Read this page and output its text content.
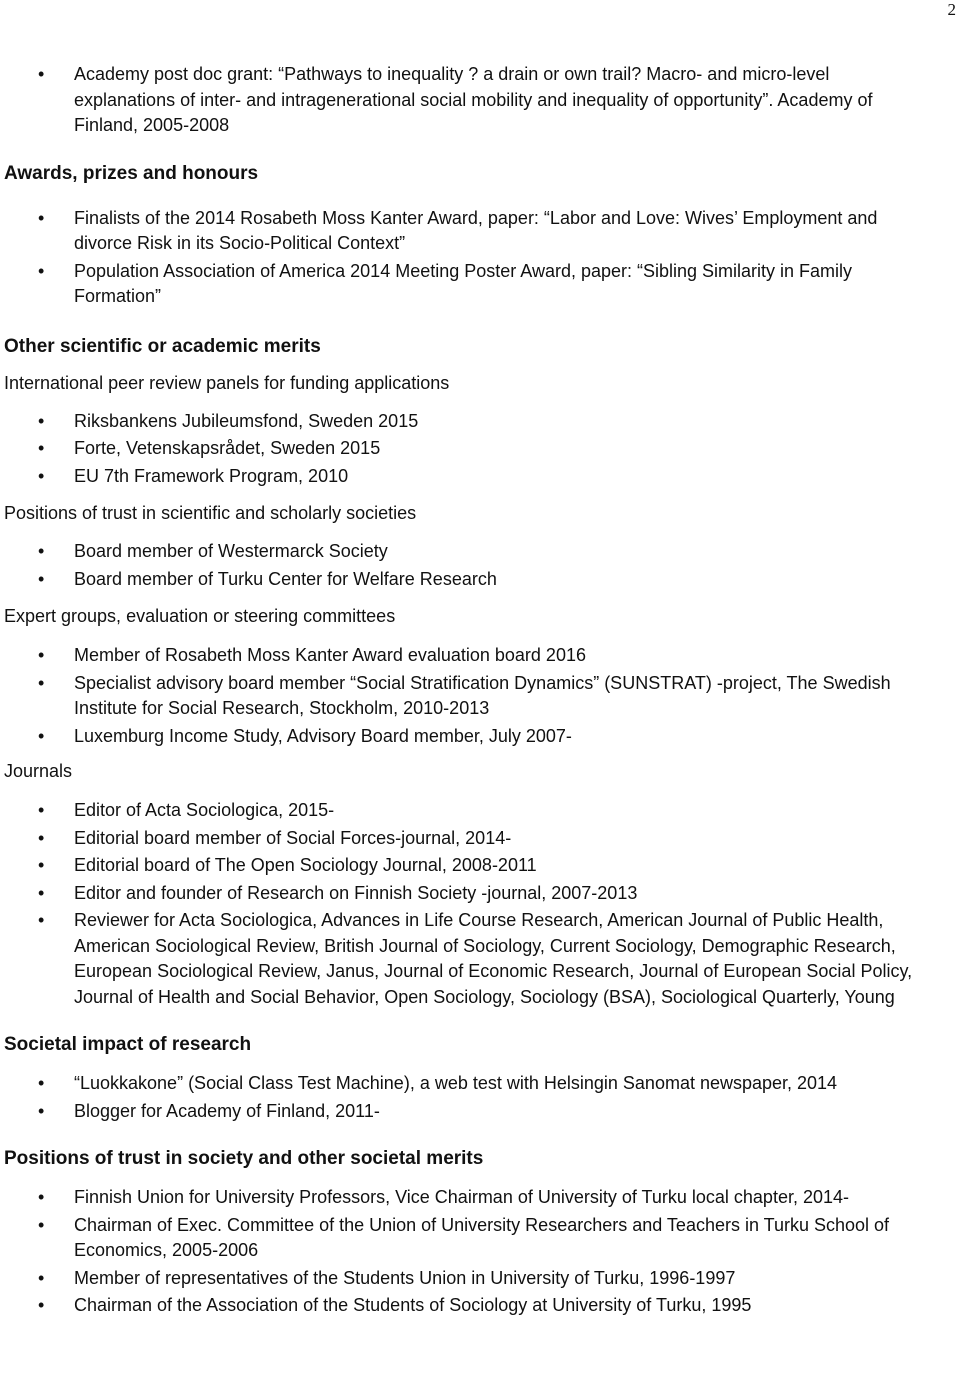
2
• Academy post doc grant: “Pathways to inequality ? a drain or own trail? Macro- and micro-level explanations of inter- and intragenerational social mobility and inequality of opportunity”. Academy of Finland, 2005-2008
Awards, prizes and honours
• Finalists of the 2014 Rosabeth Moss Kanter Award, paper: “Labor and Love: Wives’ Employment and divorce Risk in its Socio-Political Context”
• Population Association of America 2014 Meeting Poster Award, paper: “Sibling Similarity in Family Formation”
Other scientific or academic merits
International peer review panels for funding applications
• Riksbankens Jubileumsfond, Sweden 2015
• Forte, Vetenskapsrådet, Sweden 2015
• EU 7th Framework Program, 2010
Positions of trust in scientific and scholarly societies
• Board member of Westermarck Society
• Board member of Turku Center for Welfare Research
Expert groups, evaluation or steering committees
• Member of Rosabeth Moss Kanter Award evaluation board 2016
• Specialist advisory board member “Social Stratification Dynamics” (SUNSTRAT) -project, The Swedish Institute for Social Research, Stockholm, 2010-2013
• Luxemburg Income Study, Advisory Board member, July 2007-
Journals
• Editor of Acta Sociologica, 2015-
• Editorial board member of Social Forces-journal, 2014-
• Editorial board of The Open Sociology Journal, 2008-2011
• Editor and founder of Research on Finnish Society -journal, 2007-2013
• Reviewer for Acta Sociologica, Advances in Life Course Research, American Journal of Public Health, American Sociological Review, British Journal of Sociology, Current Sociology, Demographic Research, European Sociological Review, Janus, Journal of Economic Research, Journal of European Social Policy, Journal of Health and Social Behavior, Open Sociology, Sociology (BSA), Sociological Quarterly, Young
Societal impact of research
• “Luokkakone” (Social Class Test Machine), a web test with Helsingin Sanomat newspaper, 2014
• Blogger for Academy of Finland, 2011-
Positions of trust in society and other societal merits
• Finnish Union for University Professors, Vice Chairman of University of Turku local chapter, 2014-
• Chairman of Exec. Committee of the Union of University Researchers and Teachers in Turku School of Economics, 2005-2006
• Member of representatives of the Students Union in University of Turku, 1996-1997
• Chairman of the Association of the Students of Sociology at University of Turku, 1995
